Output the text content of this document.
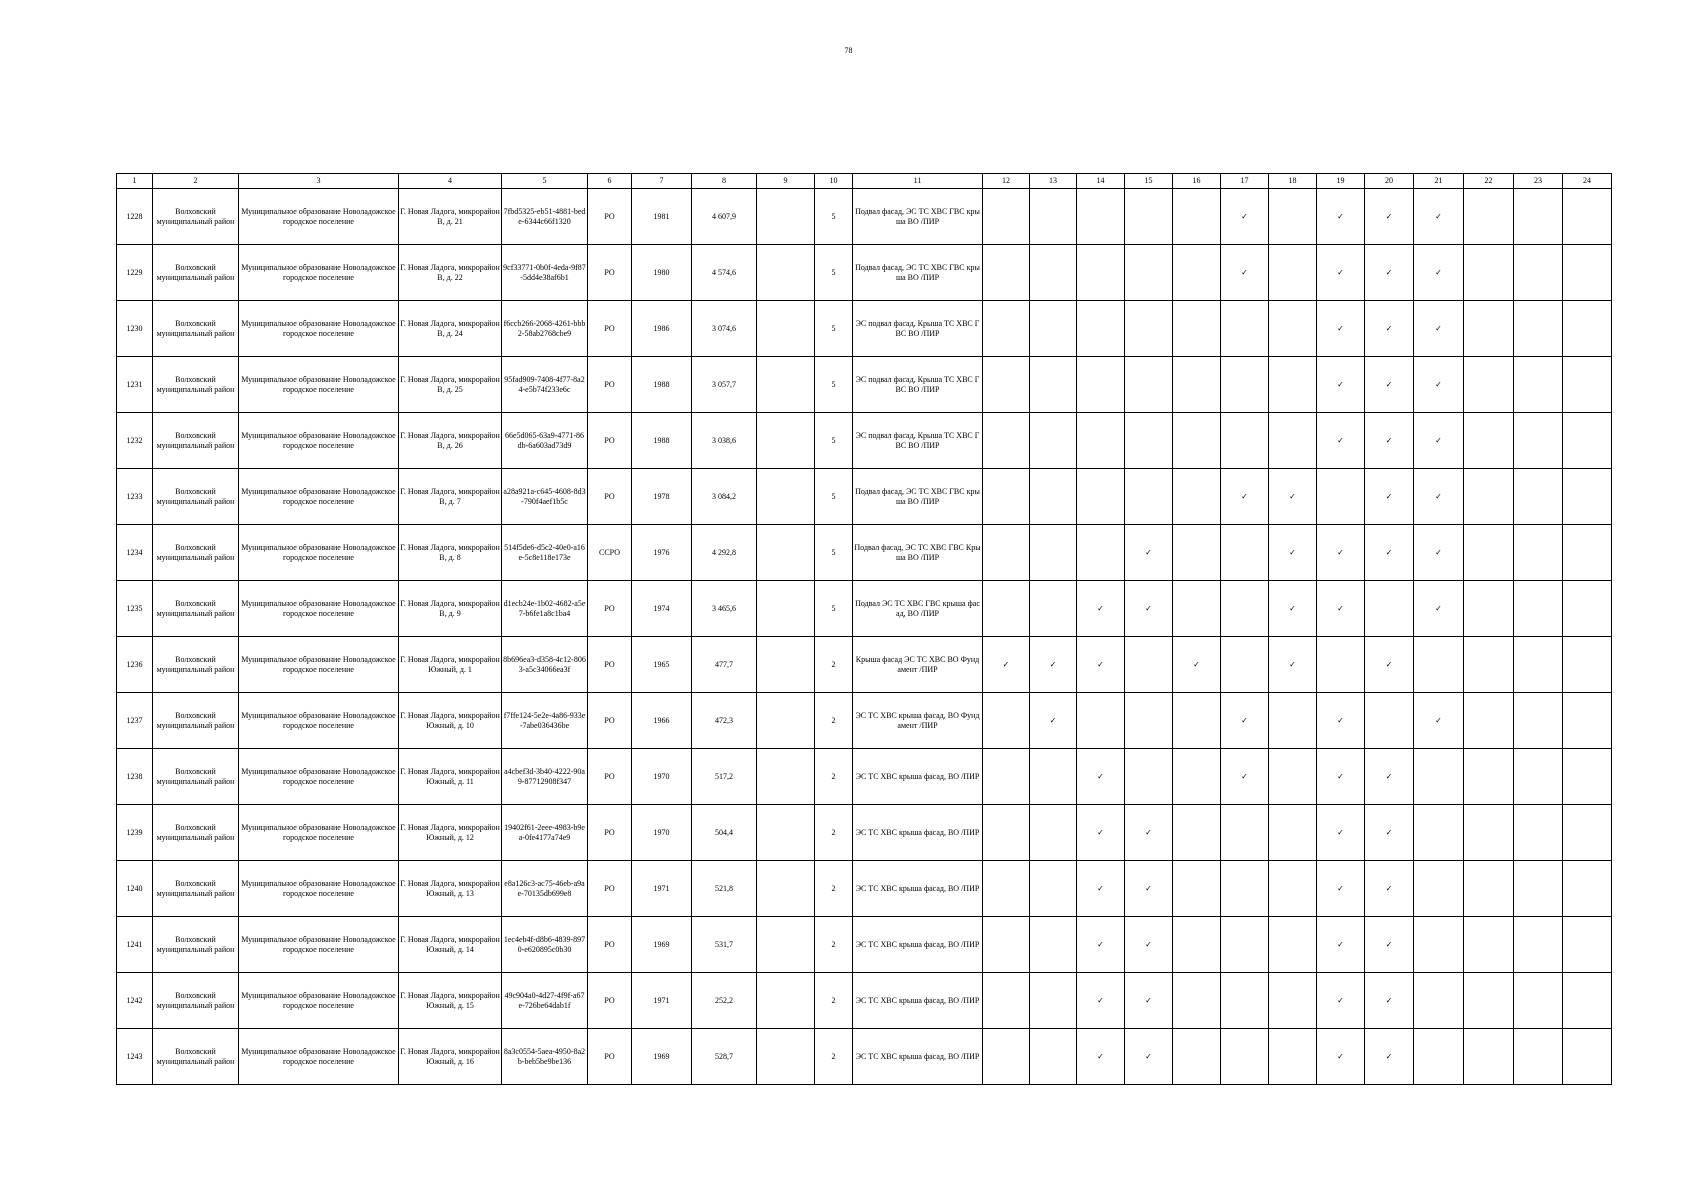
78
1	2	3	4	5	6	7	8	9	10	11	12	13	14	15	16	17	18	19	20	21	22	23	24
1228	Волховский муниципальный район	Муниципальное образование Новоладожское городское поселение	Г. Новая Ладога, микрорайон В, д. 21	7fbd5325-eb51-4881-bede-6344c66f1320	РО	1981	4 607,9		5	Подвал фасад, ЭС ТС ХВС ГВС крыша ВО /ПИР						✓		✓	✓	✓			
1229	Волховский муниципальный район	Муниципальное образование Новоладожское городское поселение	Г. Новая Ладога, микрорайон В, д. 22	9cf33771-0b0f-4eda-9f87-5dd4e38af6b1	РО	1980	4 574,6		5	Подвал фасад, ЭС ТС ХВС ГВС крыша ВО /ПИР						✓		✓	✓	✓			
1230	Волховский муниципальный район	Муниципальное образование Новоладожское городское поселение	Г. Новая Ладога, микрорайон В, д. 24	f6ccb266-2068-4261-bbb2-58ab2768cbe9	РО	1986	3 074,6		5	ЭС подвал фасад, Крыша ТС ХВС ГВС ВО /ПИР								✓	✓	✓			
1231	Волховский муниципальный район	Муниципальное образование Новоладожское городское поселение	Г. Новая Ладога, микрорайон В, д. 25	95fad909-7408-4f77-8a24-e5b74f233e6c	РО	1988	3 057,7		5	ЭС подвал фасад, Крыша ТС ХВС ГВС ВО /ПИР								✓	✓	✓			
1232	Волховский муниципальный район	Муниципальное образование Новоладожское городское поселение	Г. Новая Ладога, микрорайон В, д. 26	66e5d065-63a9-4771-86db-6a603ad73d9	РО	1988	3 038,6		5	ЭС подвал фасад, Крыша ТС ХВС ГВС ВО /ПИР								✓	✓	✓			
1233	Волховский муниципальный район	Муниципальное образование Новоладожское городское поселение	Г. Новая Ладога, микрорайон В, д. 7	a28a921a-c645-4608-8d3-790f4aef1b5c	РО	1978	3 084,2		5	Подвал фасад, ЭС ТС ХВС ГВС крыша ВО /ПИР						✓	✓		✓	✓			
1234	Волховский муниципальный район	Муниципальное образование Новоладожское городское поселение	Г. Новая Ладога, микрорайон В, д. 8	514f5de6-d5c2-40e0-a16e-5c8e118e173e	ССРО	1976	4 292,8		5	Подвал фасад, ЭС ТС ХВС ГВС Крыша ВО /ПИР				✓			✓	✓	✓	✓			
1235	Волховский муниципальный район	Муниципальное образование Новоладожское городское поселение	Г. Новая Ладога, микрорайон В, д. 9	d1ecb24e-1b02-4682-a5e7-b6fe1a8c1ba4	РО	1974	3 465,6		5	Подвал ЭС ТС ХВС ГВС крыша фасад, ВО /ПИР			✓	✓			✓	✓		✓			
1236	Волховский муниципальный район	Муниципальное образование Новоладожское городское поселение	Г. Новая Ладога, микрорайон Южный, д. 1	8b696ea3-d358-4c12-8063-a5c34066ea3f	РО	1965	477,7		2	Крыша фасад ЭС ТС ХВС ВО Фундамент /ПИР	✓	✓	✓		✓		✓		✓				
1237	Волховский муниципальный район	Муниципальное образование Новоладожское городское поселение	Г. Новая Ладога, микрорайон Южный, д. 10	f7ffe124-5e2e-4a86-933e-7abe036436be	РО	1966	472,3		2	ЭС ТС ХВС крыша фасад, ВО Фундамент /ПИР		✓				✓		✓		✓			
1238	Волховский муниципальный район	Муниципальное образование Новоладожское городское поселение	Г. Новая Ладога, микрорайон Южный, д. 11	a4cbef3d-3b40-4222-90a9-87712908f347	РО	1970	517,2		2	ЭС ТС ХВС крыша фасад, ВО /ПИР			✓			✓		✓	✓				
1239	Волховский муниципальный район	Муниципальное образование Новоладожское городское поселение	Г. Новая Ладога, микрорайон Южный, д. 12	19402f61-2eee-4983-b9ea-0fe4177a74e9	РО	1970	504,4		2	ЭС ТС ХВС крыша фасад, ВО /ПИР			✓	✓				✓	✓				
1240	Волховский муниципальный район	Муниципальное образование Новоладожское городское поселение	Г. Новая Ладога, микрорайон Южный, д. 13	e8a126c3-ac75-46eb-a9ae-70135db699e8	РО	1971	521,8		2	ЭС ТС ХВС крыша фасад, ВО /ПИР			✓	✓				✓	✓				
1241	Волховский муниципальный район	Муниципальное образование Новоладожское городское поселение	Г. Новая Ладога, микрорайон Южный, д. 14	1ec4eb4f-d8b6-4839-8970-e620895c0b30	РО	1969	531,7		2	ЭС ТС ХВС крыша фасад, ВО /ПИР			✓	✓				✓	✓				
1242	Волховский муниципальный район	Муниципальное образование Новоладожское городское поселение	Г. Новая Ладога, микрорайон Южный, д. 15	49c904a0-4d27-4f9f-a67e-726be64dab1f	РО	1971	252,2		2	ЭС ТС ХВС крыша фасад, ВО /ПИР			✓	✓				✓	✓				
1243	Волховский муниципальный район	Муниципальное образование Новоладожское городское поселение	Г. Новая Ладога, микрорайон Южный, д. 16	8a3c0554-5aea-4950-8a2b-beb5be9be136	РО	1969	528,7		2	ЭС ТС ХВС крыша фасад, ВО /ПИР			✓	✓				✓	✓				
